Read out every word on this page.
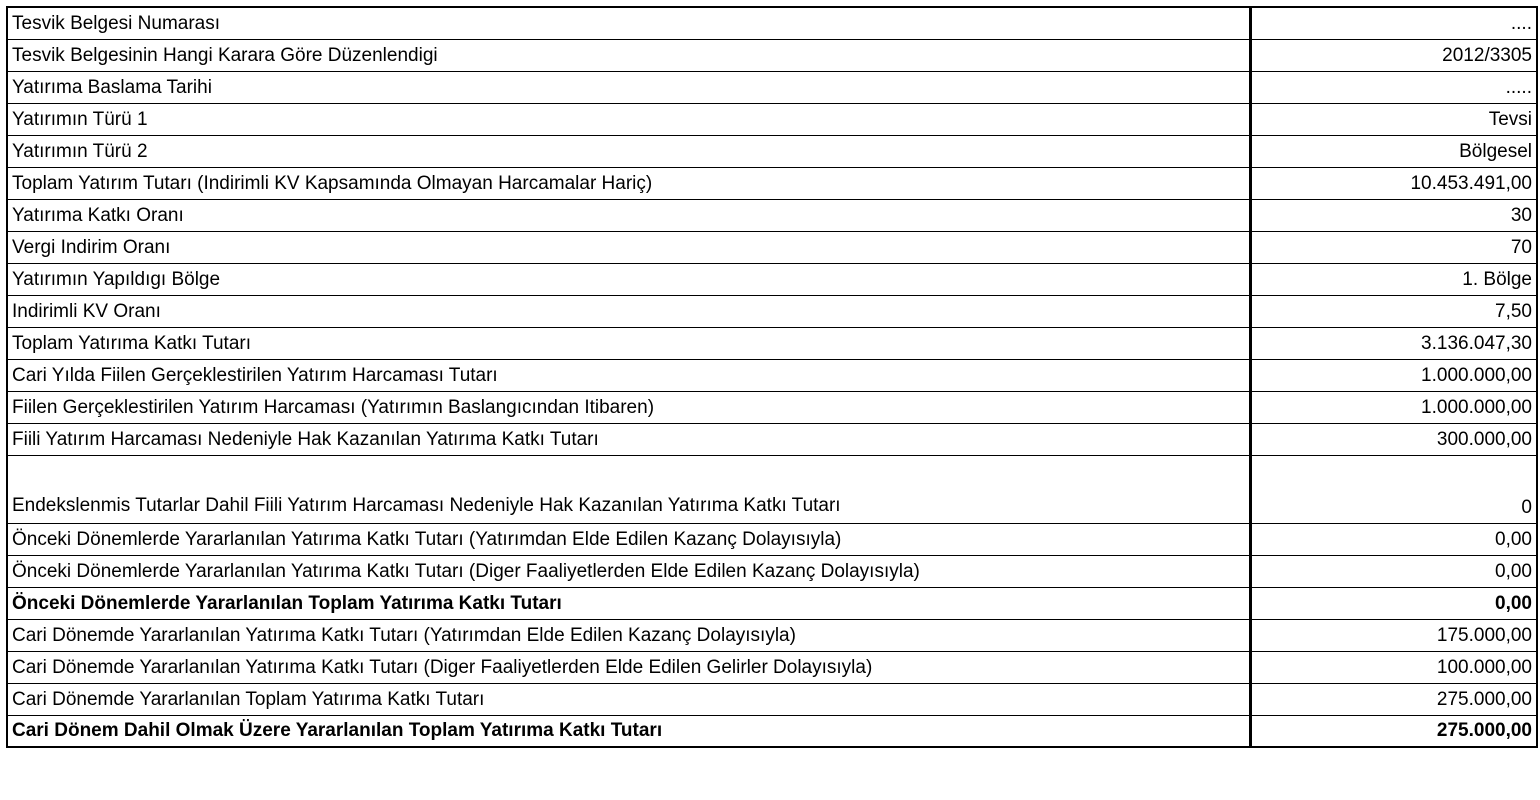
Tesvik Belgesi Numarası	....
Tesvik Belgesinin Hangi Karara Göre Düzenlendigi	2012/3305
Yatırıma Baslama Tarihi	.....
Yatırımın Türü 1	Tevsi
Yatırımın Türü 2	Bölgesel
Toplam Yatırım Tutarı (Indirimli KV Kapsamında Olmayan Harcamalar Hariç)	10.453.491,00
Yatırıma Katkı Oranı	30
Vergi Indirim Oranı	70
Yatırımın Yapıldıgı Bölge	1. Bölge
Indirimli KV Oranı	7,50
Toplam Yatırıma Katkı Tutarı	3.136.047,30
Cari Yılda Fiilen Gerçeklestirilen Yatırım Harcaması Tutarı	1.000.000,00
Fiilen Gerçeklestirilen Yatırım Harcaması (Yatırımın Baslangıcından Itibaren)	1.000.000,00
Fiili Yatırım Harcaması Nedeniyle Hak Kazanılan Yatırıma Katkı Tutarı	300.000,00
Endekslenmis Tutarlar Dahil Fiili Yatırım Harcaması Nedeniyle Hak Kazanılan Yatırıma Katkı Tutarı	0
Önceki Dönemlerde Yararlanılan Yatırıma Katkı Tutarı (Yatırımdan Elde Edilen Kazanç Dolayısıyla)	0,00
Önceki Dönemlerde Yararlanılan Yatırıma Katkı Tutarı (Diger Faaliyetlerden Elde Edilen Kazanç Dolayısıyla)	0,00
Önceki Dönemlerde Yararlanılan Toplam Yatırıma Katkı Tutarı	0,00
Cari Dönemde Yararlanılan Yatırıma Katkı Tutarı (Yatırımdan Elde Edilen Kazanç Dolayısıyla)	175.000,00
Cari Dönemde Yararlanılan Yatırıma Katkı Tutarı (Diger Faaliyetlerden Elde Edilen Gelirler Dolayısıyla)	100.000,00
Cari Dönemde Yararlanılan Toplam Yatırıma Katkı Tutarı	275.000,00
Cari Dönem Dahil Olmak Üzere Yararlanılan Toplam Yatırıma Katkı Tutarı	275.000,00
